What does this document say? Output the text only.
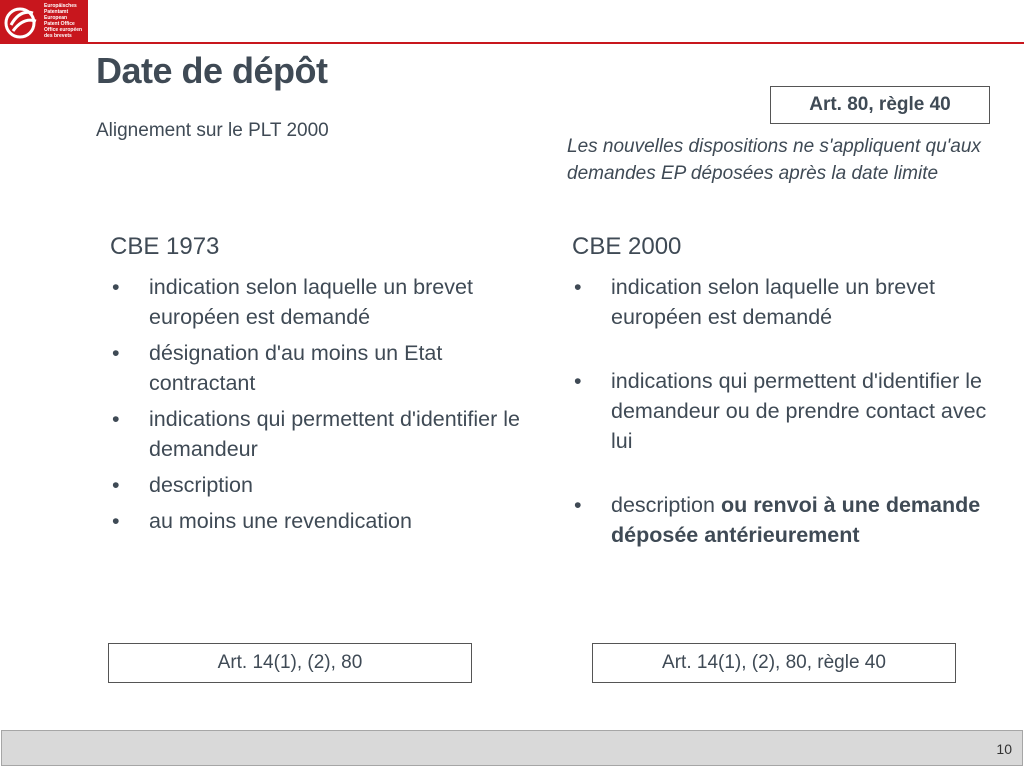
Europäisches
Patentamt
European
Patent Office
Office européen
des brevets
Date de dépôt
Alignement sur le PLT 2000
Art. 80, règle 40
Les nouvelles dispositions ne s'appliquent qu'aux demandes EP déposées après la date limite
CBE 1973
• indication selon laquelle un brevet européen est demandé
• désignation d'au moins un Etat contractant
• indications qui permettent d'identifier le demandeur
• description
• au moins une revendication
CBE 2000
• indication selon laquelle un brevet européen est demandé
• indications qui permettent d'identifier le demandeur ou de prendre contact avec lui
• description ou renvoi à une demande déposée antérieurement
Art. 14(1), (2), 80	Art. 14(1), (2), 80, règle 40
10
